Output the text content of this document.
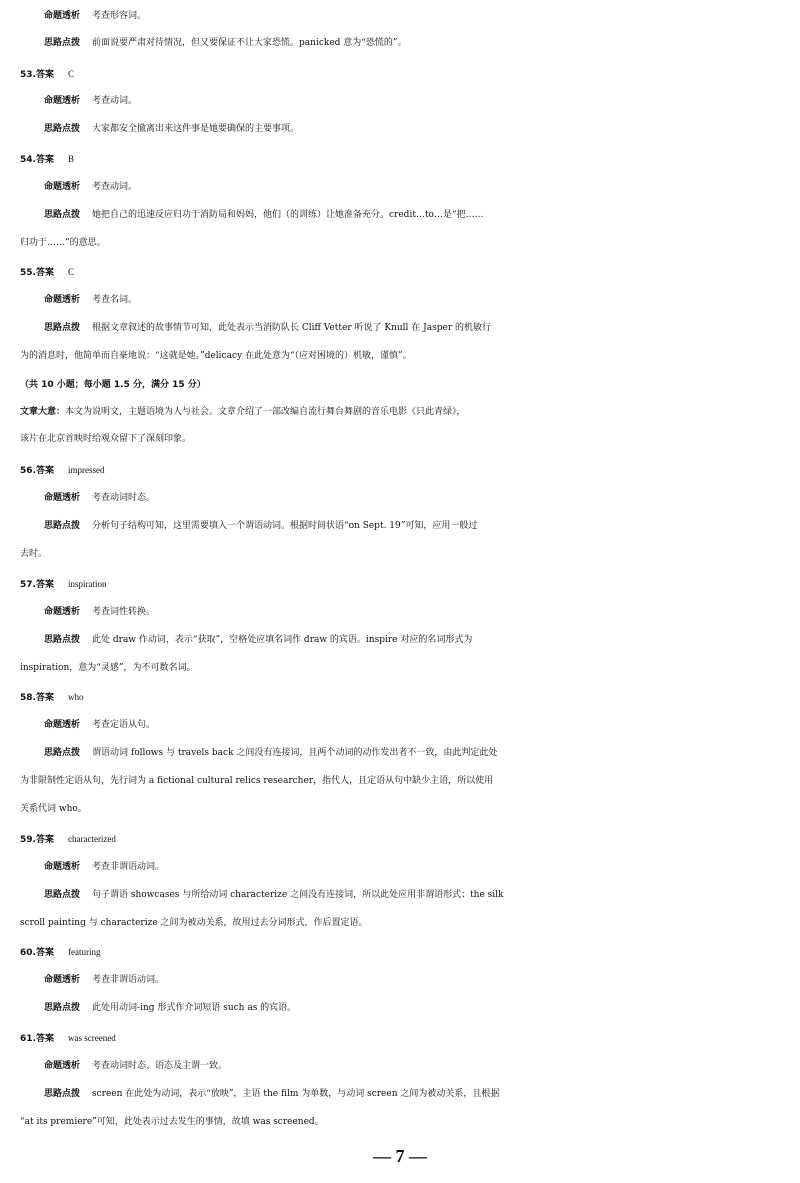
命题透析 考查形容词。
思路点拨 前面说要严肃对待情况，但又要保证不让大家恐慌。panicked 意为“恐慌的”。
53.答案 C
命题透析 考查动词。
思路点拨 大家都安全撤离出来这件事是她要确保的主要事项。
54.答案 B
命题透析 考查动词。
思路点拨 她把自己的迅速反应归功于消防局和妈妈，他们（的训练）让她准备充分。credit…to…是“把……
归功于……”的意思。
55.答案 C
命题透析 考查名词。
思路点拨 根据文章叙述的故事情节可知，此处表示当消防队长 Cliff Vetter 听说了 Knull 在 Jasper 的机敏行
为的消息时，他简单而自豪地说：“这就是她。”delicacy 在此处意为“（应对困境的）机敏，谨慎”。
（共 10 小题；每小题 1.5 分，满分 15 分）
文章大意：本文为说明文，主题语境为人与社会。文章介绍了一部改编自流行舞台舞剧的音乐电影《只此青绿》，
该片在北京首映时给观众留下了深刻印象。
56.答案 impressed
命题透析 考查动词时态。
思路点拨 分析句子结构可知，这里需要填入一个谓语动词。根据时间状语“on Sept. 19”可知，应用一般过
去时。
57.答案 inspiration
命题透析 考查词性转换。
思路点拨 此处 draw 作动词，表示“获取”，空格处应填名词作 draw 的宾语。inspire 对应的名词形式为
inspiration，意为“灵感”，为不可数名词。
58.答案 who
命题透析 考查定语从句。
思路点拨 谓语动词 follows 与 travels back 之间没有连接词，且两个动词的动作发出者不一致，由此判定此处
为非限制性定语从句，先行词为 a fictional cultural relics researcher，指代人，且定语从句中缺少主语，所以使用
关系代词 who。
59.答案 characterized
命题透析 考查非谓语动词。
思路点拨 句子谓语 showcases 与所给动词 characterize 之间没有连接词，所以此处应用非谓语形式；the silk
scroll painting 与 characterize 之间为被动关系，故用过去分词形式，作后置定语。
60.答案 featuring
命题透析 考查非谓语动词。
思路点拨 此处用动词-ing 形式作介词短语 such as 的宾语。
61.答案 was screened
命题透析 考查动词时态、语态及主谓一致。
思路点拨 screen 在此处为动词，表示“放映”，主语 the film 为单数，与动词 screen 之间为被动关系，且根据
“at its premiere”可知，此处表示过去发生的事情，故填 was screened。
— 7 —
